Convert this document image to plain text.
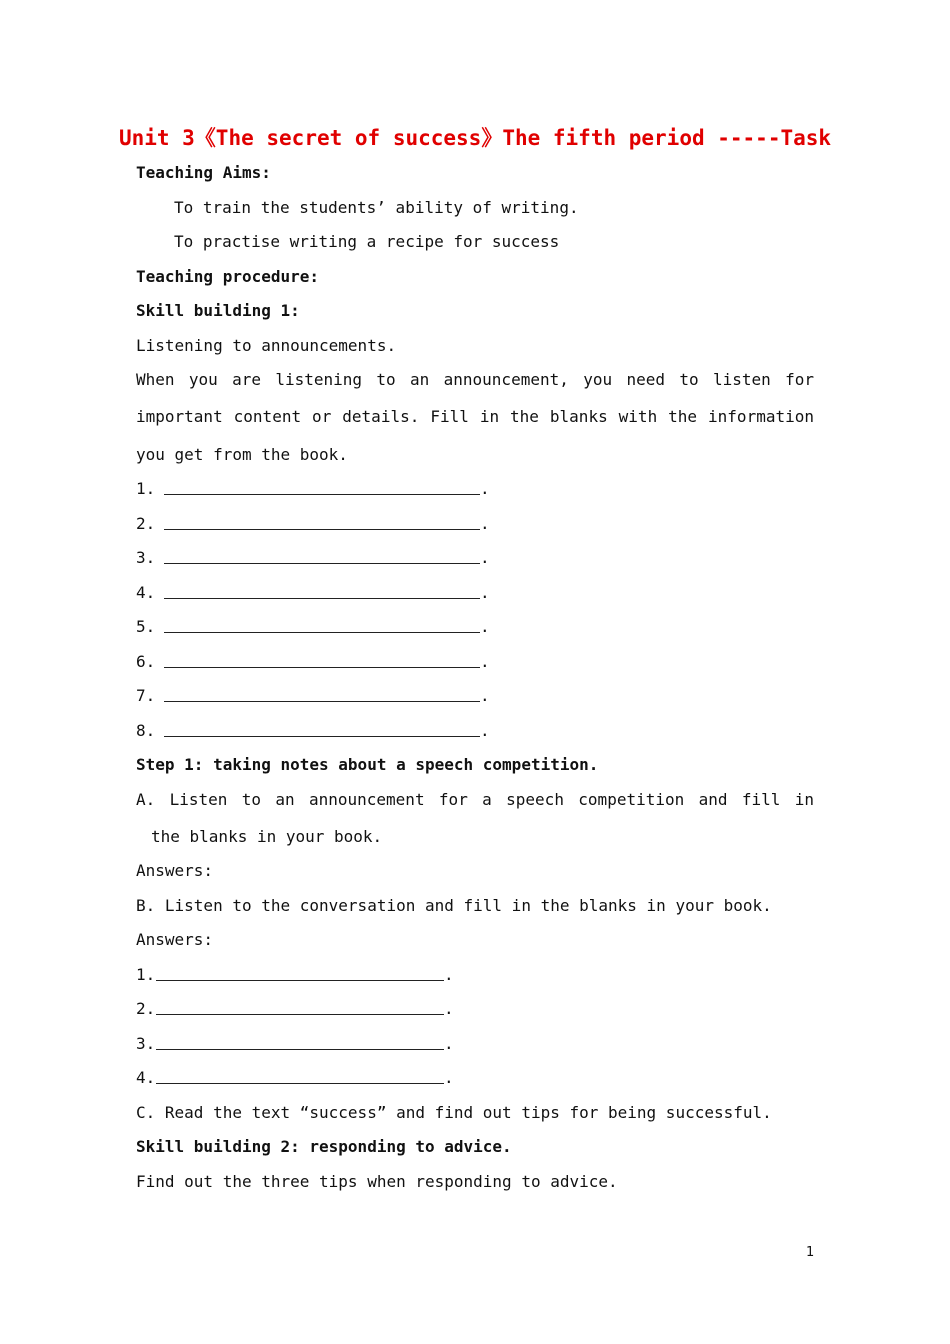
Unit 3《The secret of success》The fifth period -----Task
Teaching Aims:
To train the students’ ability of writing.
To practise writing a recipe for success
Teaching procedure:
Skill building 1:
Listening to announcements.
When you are listening to an announcement, you need to listen for
important content or details. Fill in the blanks with the information
you get from the book.
1.	.
2.	.
3.	.
4.	.
5.	.
6.	.
7.	.
8.	.
Step 1: taking notes about a speech competition.
A. Listen to an announcement for a speech competition and fill in
the blanks in your book.
Answers:
B. Listen to the conversation and fill in the blanks in your book.
Answers:
1.	.
2.	.
3.	.
4.	.
C. Read the text “success” and find out tips for being successful.
Skill building 2: responding to advice.
Find out the three tips when responding to advice.
1
